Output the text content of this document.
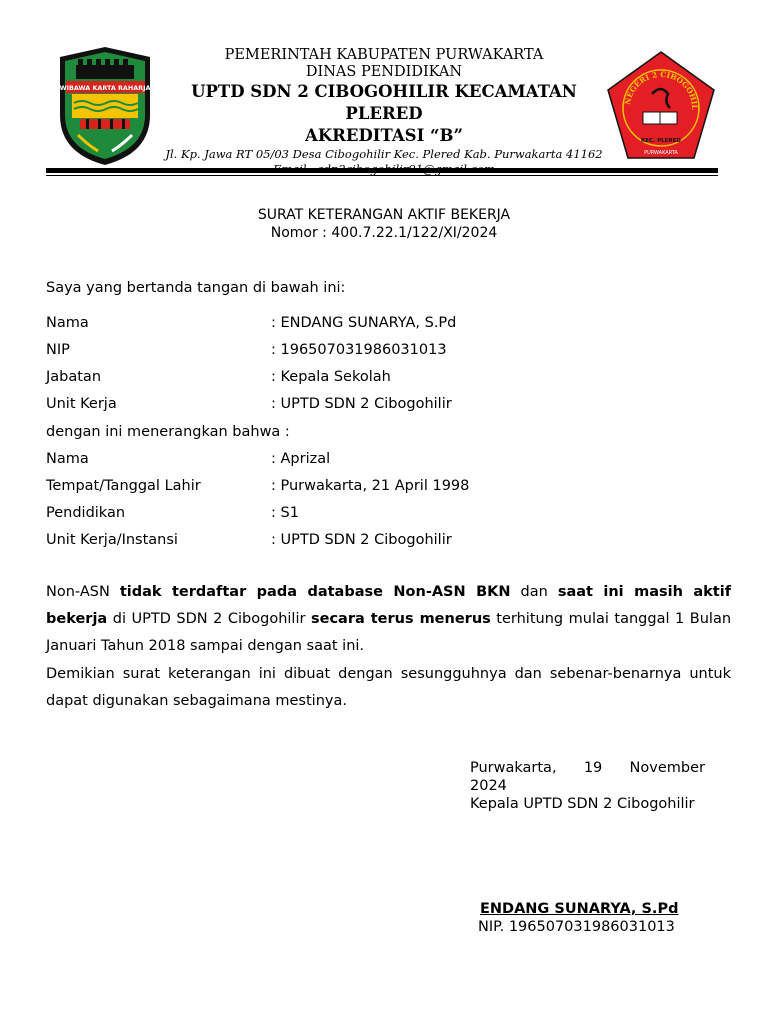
WIBAWA KARTA RAHARJA
PEMERINTAH KABUPATEN PURWAKARTA
DINAS PENDIDIKAN
UPTD SDN 2 CIBOGOHILIR KECAMATAN PLERED
AKREDITASI “B”
Jl. Kp. Jawa RT 05/03 Desa Cibogohilir Kec. Plered Kab. Purwakarta 41162
NEGERI 2 CIBOGOHIL
KEC. PLERED
PURWAKARTA
SURAT KETERANGAN AKTIF BEKERJA
Nomor : 400.7.22.1/122/XI/2024
Saya yang bertanda tangan di bawah ini:
Nama	: ENDANG SUNARYA, S.Pd
NIP	: 196507031986031013
Jabatan	: Kepala Sekolah
Unit Kerja	: UPTD SDN 2 Cibogohilir
dengan ini menerangkan bahwa :
Nama	: Aprizal
Tempat/Tanggal Lahir	: Purwakarta, 21 April 1998
Pendidikan	: S1
Unit Kerja/Instansi	: UPTD SDN 2 Cibogohilir
Non-ASN tidak terdaftar pada database Non-ASN BKN dan saat ini masih aktif bekerja di UPTD SDN 2 Cibogohilir secara terus menerus terhitung mulai tanggal 1 Bulan Januari Tahun 2018 sampai dengan saat ini.
Demikian surat keterangan ini dibuat dengan sesungguhnya dan sebenar-benarnya untuk dapat digunakan sebagaimana mestinya.
Purwakarta, 19 November
2024
Kepala UPTD SDN 2 Cibogohilir
ENDANG SUNARYA, S.Pd
NIP. 196507031986031013
